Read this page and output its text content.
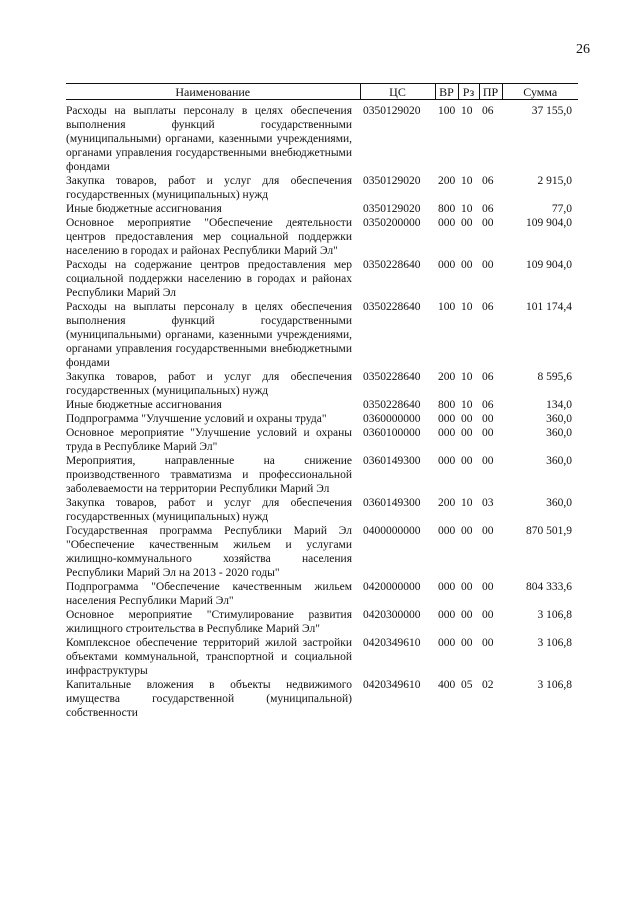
26
Наименование	ЦС	ВР	Рз	ПР	Сумма
Расходы на выплаты персоналу в целях обеспечения выполнения функций государственными (муниципальными) органами, казенными учреждениями, органами управления государственными внебюджетными фондами	0350129020	100	10	06	37 155,0
Закупка товаров, работ и услуг для обеспечения государственных (муниципальных) нужд	0350129020	200	10	06	2 915,0
Иные бюджетные ассигнования	0350129020	800	10	06	77,0
Основное мероприятие "Обеспечение деятельности центров предоставления мер социальной поддержки населению в городах и районах Республики Марий Эл"	0350200000	000	00	00	109 904,0
Расходы на содержание центров предоставления мер социальной поддержки населению в городах и районах Республики Марий Эл	0350228640	000	00	00	109 904,0
Расходы на выплаты персоналу в целях обеспечения выполнения функций государственными (муниципальными) органами, казенными учреждениями, органами управления государственными внебюджетными фондами	0350228640	100	10	06	101 174,4
Закупка товаров, работ и услуг для обеспечения государственных (муниципальных) нужд	0350228640	200	10	06	8 595,6
Иные бюджетные ассигнования	0350228640	800	10	06	134,0
Подпрограмма "Улучшение условий и охраны труда"	0360000000	000	00	00	360,0
Основное мероприятие "Улучшение условий и охраны труда в Республике Марий Эл"	0360100000	000	00	00	360,0
Мероприятия, направленные на снижение производственного травматизма и профессиональной заболеваемости на территории Республики Марий Эл	0360149300	000	00	00	360,0
Закупка товаров, работ и услуг для обеспечения государственных (муниципальных) нужд	0360149300	200	10	03	360,0
Государственная программа Республики Марий Эл "Обеспечение качественным жильем и услугами жилищно-коммунального хозяйства населения Республики Марий Эл на 2013 - 2020 годы"	0400000000	000	00	00	870 501,9
Подпрограмма "Обеспечение качественным жильем населения Республики Марий Эл"	0420000000	000	00	00	804 333,6
Основное мероприятие "Стимулирование развития жилищного строительства в Республике Марий Эл"	0420300000	000	00	00	3 106,8
Комплексное обеспечение территорий жилой застройки объектами коммунальной, транспортной и социальной инфраструктуры	0420349610	000	00	00	3 106,8
Капитальные вложения в объекты недвижимого имущества государственной (муниципальной) собственности	0420349610	400	05	02	3 106,8
